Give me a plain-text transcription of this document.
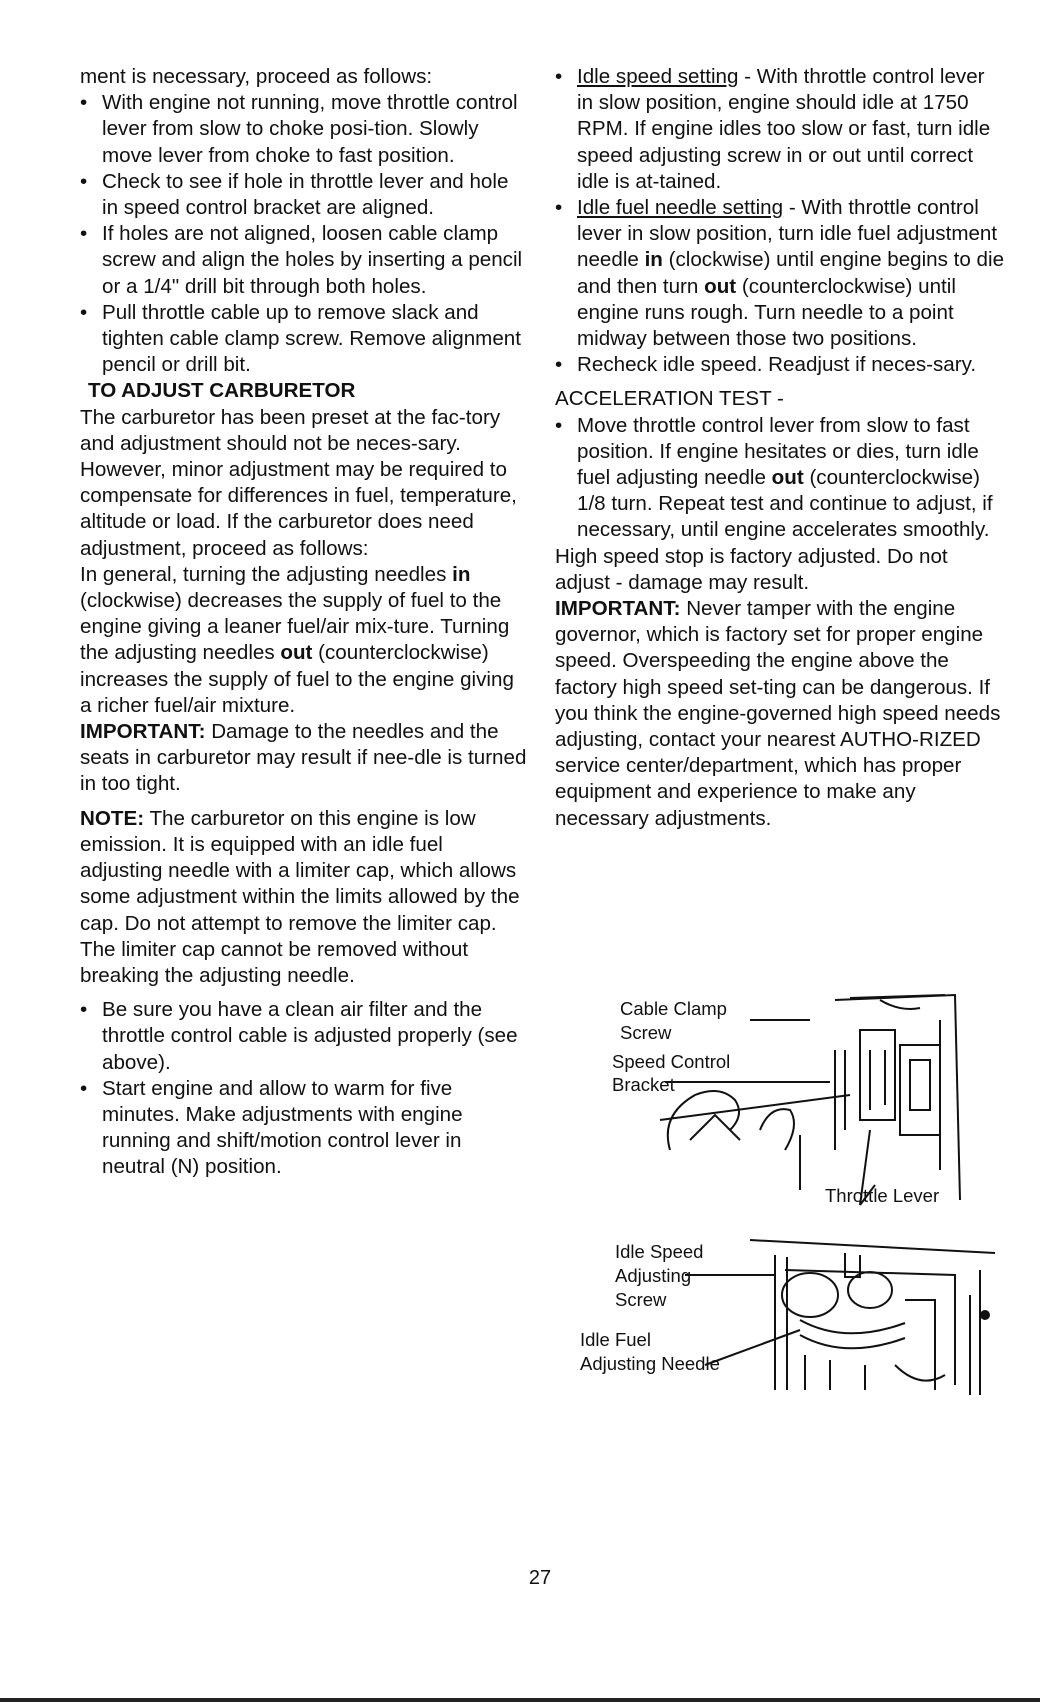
ment is necessary, proceed as follows:

• With engine not running, move throttle control lever from slow to choke posi-tion. Slowly move lever from choke to fast position.
• Check to see if hole in throttle lever and hole in speed control bracket are aligned.
• If holes are not aligned, loosen cable clamp screw and align the holes by inserting a pencil or a 1/4" drill bit through both holes.
• Pull throttle cable up to remove slack and tighten cable clamp screw. Remove alignment pencil or drill bit.

TO ADJUST CARBURETOR

The carburetor has been preset at the fac-tory and adjustment should not be neces-sary. However, minor adjustment may be required to compensate for differences in fuel, temperature, altitude or load. If the carburetor does need adjustment, proceed as follows:

In general, turning the adjusting needles in (clockwise) decreases the supply of fuel to the engine giving a leaner fuel/air mix-ture. Turning the adjusting needles out (counterclockwise) increases the supply of fuel to the engine giving a richer fuel/air mixture.

IMPORTANT: Damage to the needles and the seats in carburetor may result if nee-dle is turned in too tight.

NOTE: The carburetor on this engine is low emission. It is equipped with an idle fuel adjusting needle with a limiter cap, which allows some adjustment within the limits allowed by the cap. Do not attempt to remove the limiter cap. The limiter cap cannot be removed without breaking the adjusting needle.

• Be sure you have a clean air filter and the throttle control cable is adjusted properly (see above).
• Start engine and allow to warm for five minutes. Make adjustments with engine running and shift/motion control lever in neutral (N) position.
• Idle speed setting - With throttle control lever in slow position, engine should idle at 1750 RPM. If engine idles too slow or fast, turn idle speed adjusting screw in or out until correct idle is at-tained.
• Idle fuel needle setting - With throttle control lever in slow position, turn idle fuel adjustment needle in (clockwise) until engine begins to die and then turn out (counterclockwise) until engine runs rough. Turn needle to a point midway between those two positions.
• Recheck idle speed. Readjust if neces-sary.

ACCELERATION TEST -

• Move throttle control lever from slow to fast position. If engine hesitates or dies, turn idle fuel adjusting needle out (counterclockwise) 1/8 turn. Repeat test and continue to adjust, if necessary, until engine accelerates smoothly.

High speed stop is factory adjusted. Do not adjust - damage may result.

IMPORTANT: Never tamper with the engine governor, which is factory set for proper engine speed. Overspeeding the engine above the factory high speed set-ting can be dangerous. If you think the engine-governed high speed needs adjusting, contact your nearest AUTHO-RIZED service center/department, which has proper equipment and experience to make any necessary adjustments.

Cable Clamp
Screw
Speed Control
Bracket
Throttle Lever
Idle Speed
Adjusting
Screw
Idle Fuel
Adjusting Needle
27
